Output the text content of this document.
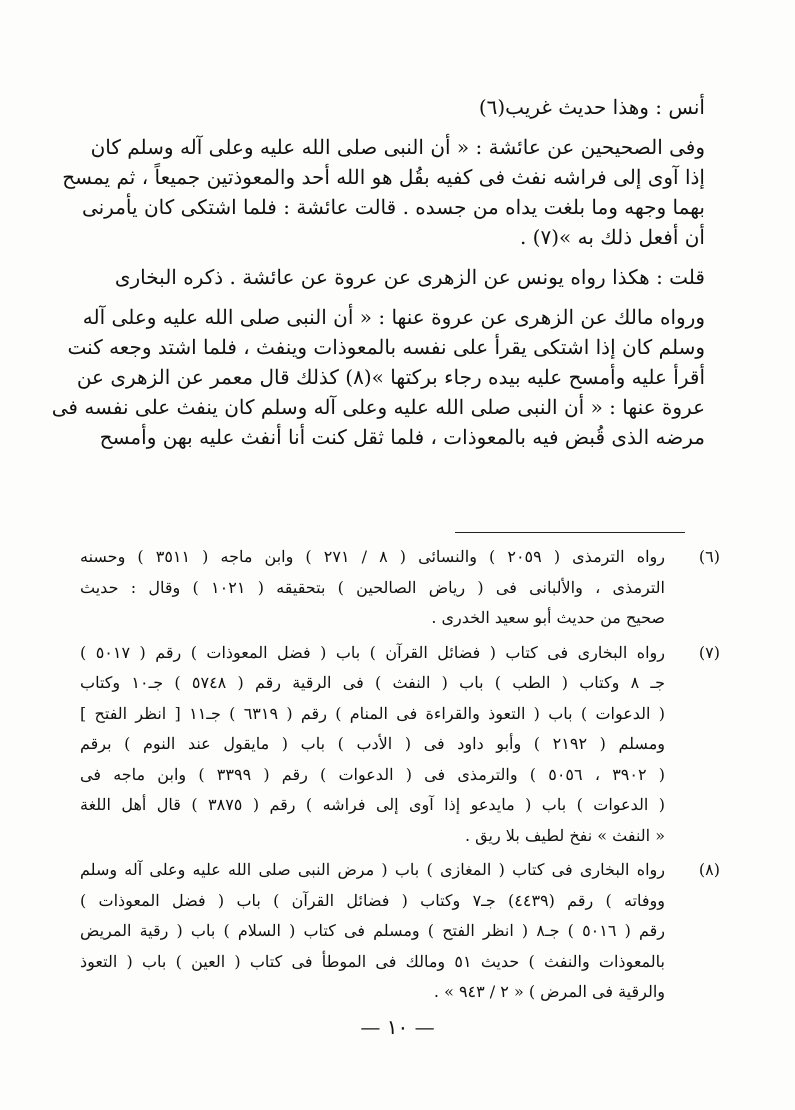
أنس : وهذا حديث غريب(٦)
وفى الصحيحين عن عائشة : « أن النبى صلى الله عليه وعلى آله وسلم كان
إذا آوى إلى فراشه نفث فى كفيه بقُل هو الله أحد والمعوذتين جميعاً ، ثم يمسح
بهما وجهه وما بلغت يداه من جسده . قالت عائشة : فلما اشتكى كان يأمرنى
أن أفعل ذلك به »(٧) .
قلت : هكذا رواه يونس عن الزهرى عن عروة عن عائشة . ذكره البخارى
ورواه مالك عن الزهرى عن عروة عنها : « أن النبى صلى الله عليه وعلى آله
وسلم كان إذا اشتكى يقرأ على نفسه بالمعوذات وينفث ، فلما اشتد وجعه كنت
أقرأ عليه وأمسح عليه بيده رجاء بركتها »(٨) كذلك قال معمر عن الزهرى عن
عروة عنها : « أن النبى صلى الله عليه وعلى آله وسلم كان ينفث على نفسه فى
مرضه الذى قُبض فيه بالمعوذات ، فلما ثقل كنت أنا أنفث عليه بهن وأمسح
(٦)
رواه الترمذى ( ٢٠٥٩ ) والنسائى ( ٨ / ٢٧١ ) وابن ماجه ( ٣٥١١ ) وحسنه
الترمذى ، والألبانى فى ( رياض الصالحين ) بتحقيقه ( ١٠٢١ ) وقال : حديث
صحيح من حديث أبو سعيد الخدرى .
(٧)
رواه البخارى فى كتاب ( فضائل القرآن ) باب ( فضل المعوذات ) رقم ( ٥٠١٧ )
جـ ٨ وكتاب ( الطب ) باب ( النفث ) فى الرقية رقم ( ٥٧٤٨ ) جـ١٠ وكتاب
( الدعوات ) باب ( التعوذ والقراءة فى المنام ) رقم ( ٦٣١٩ ) جـ١١ [ انظر الفتح ]
ومسلم ( ٢١٩٢ ) وأبو داود فى ( الأدب ) باب ( مايقول عند النوم ) برقم
( ٣٩٠٢ ، ٥٠٥٦ ) والترمذى فى ( الدعوات ) رقم ( ٣٣٩٩ ) وابن ماجه فى
( الدعوات ) باب ( مايدعو إذا آوى إلى فراشه ) رقم ( ٣٨٧٥ ) قال أهل اللغة
« النفث » نفخ لطيف بلا ريق .
(٨)
رواه البخارى فى كتاب ( المغازى ) باب ( مرض النبى صلى الله عليه وعلى آله وسلم
ووفاته ) رقم (٤٤٣٩) جـ٧ وكتاب ( فضائل القرآن ) باب ( فضل المعوذات )
رقم ( ٥٠١٦ ) جـ٨ ( انظر الفتح ) ومسلم فى كتاب ( السلام ) باب ( رقية المريض
بالمعوذات والنفث ) حديث ٥١ ومالك فى الموطأ فى كتاب ( العين ) باب ( التعوذ
والرقية فى المرض ) « ٢ / ٩٤٣ » .
— ١٠ —
